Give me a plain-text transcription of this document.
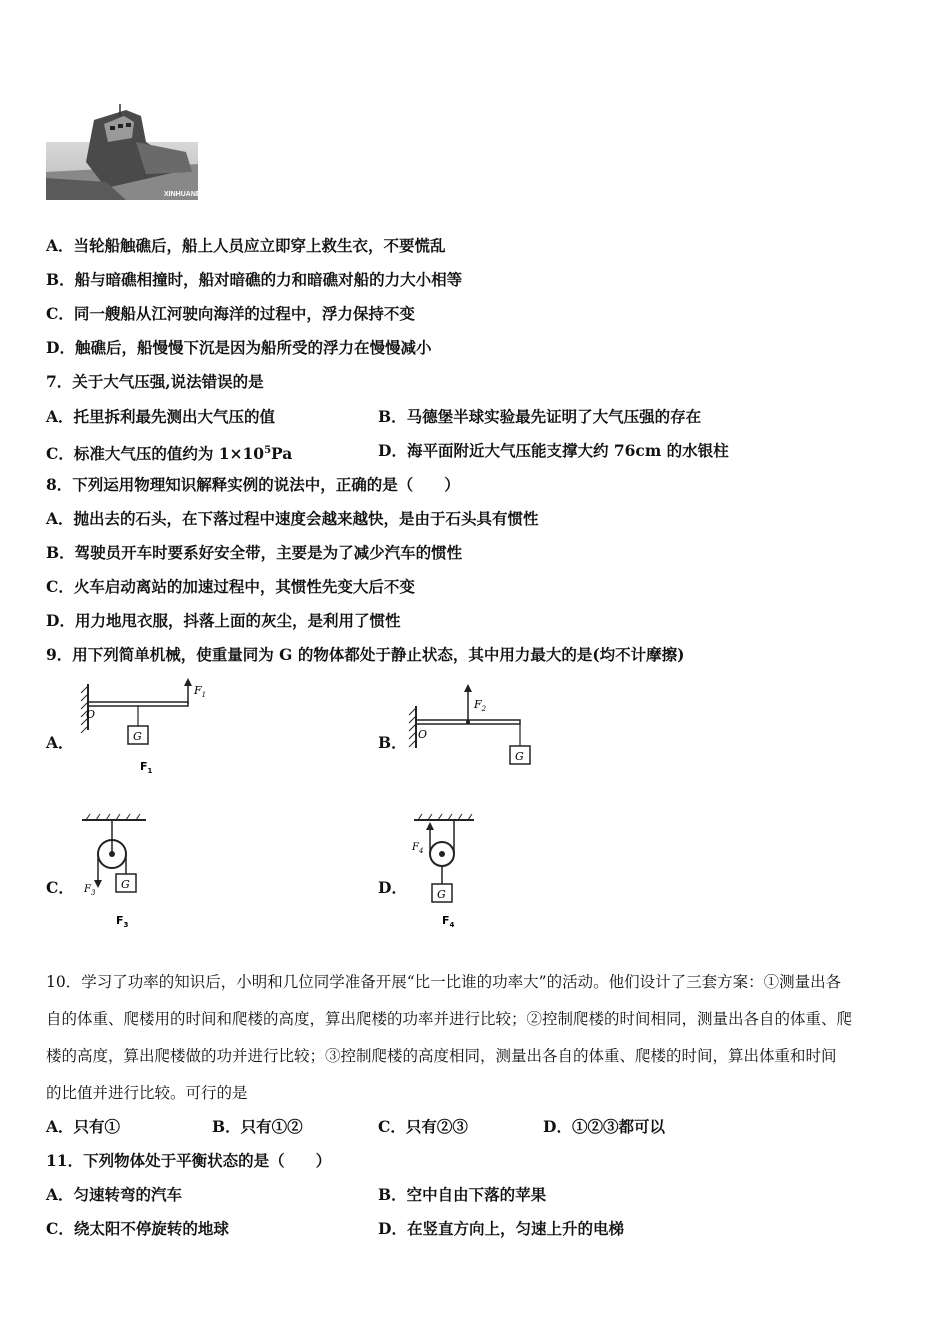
XINHUANET
A．当轮船触礁后，船上人员应立即穿上救生衣，不要慌乱
B．船与暗礁相撞时，船对暗礁的力和暗礁对船的力大小相等
C．同一艘船从江河驶向海洋的过程中，浮力保持不变
D．触礁后，船慢慢下沉是因为船所受的浮力在慢慢减小
7．关于大气压强,说法错误的是
A．托里拆利最先测出大气压的值	B．马德堡半球实验最先证明了大气压强的存在
C．标准大气压的值约为 $1\times 10^5Pa$	D．海平面附近大气压能支撑大约 76cm 的水银柱
8．下列运用物理知识解释实例的说法中，正确的是（　　）
A．抛出去的石头，在下落过程中速度会越来越快，是由于石头具有惯性
B．驾驶员开车时要系好安全带，主要是为了减少汽车的惯性
C．火车启动离站的加速过程中，其惯性先变大后不变
D．用力地甩衣服，抖落上面的灰尘，是利用了惯性
9．用下列简单机械，使重量同为 G 的物体都处于静止状态，其中用力最大的是(均不计摩擦)
A．
$F_1$
O
G
$F_1$
B．
$F_2$
O
G
C．	G
$F_3$
$F_3$
D．	G
$F_4$
$F_4$
10．学习了功率的知识后，小明和几位同学准备开展“比一比谁的功率大”的活动。他们设计了三套方案：①测量出各
自的体重、爬楼用的时间和爬楼的高度，算出爬楼的功率并进行比较；②控制爬楼的时间相同，测量出各自的体重、爬
楼的高度，算出爬楼做的功并进行比较；③控制爬楼的高度相同，测量出各自的体重、爬楼的时间，算出体重和时间
的比值并进行比较。可行的是
A．只有①	B．只有①②	C．只有②③	D．①②③都可以
11．下列物体处于平衡状态的是（　　）
A．匀速转弯的汽车	B．空中自由下落的苹果
C．绕太阳不停旋转的地球	D．在竖直方向上，匀速上升的电梯
